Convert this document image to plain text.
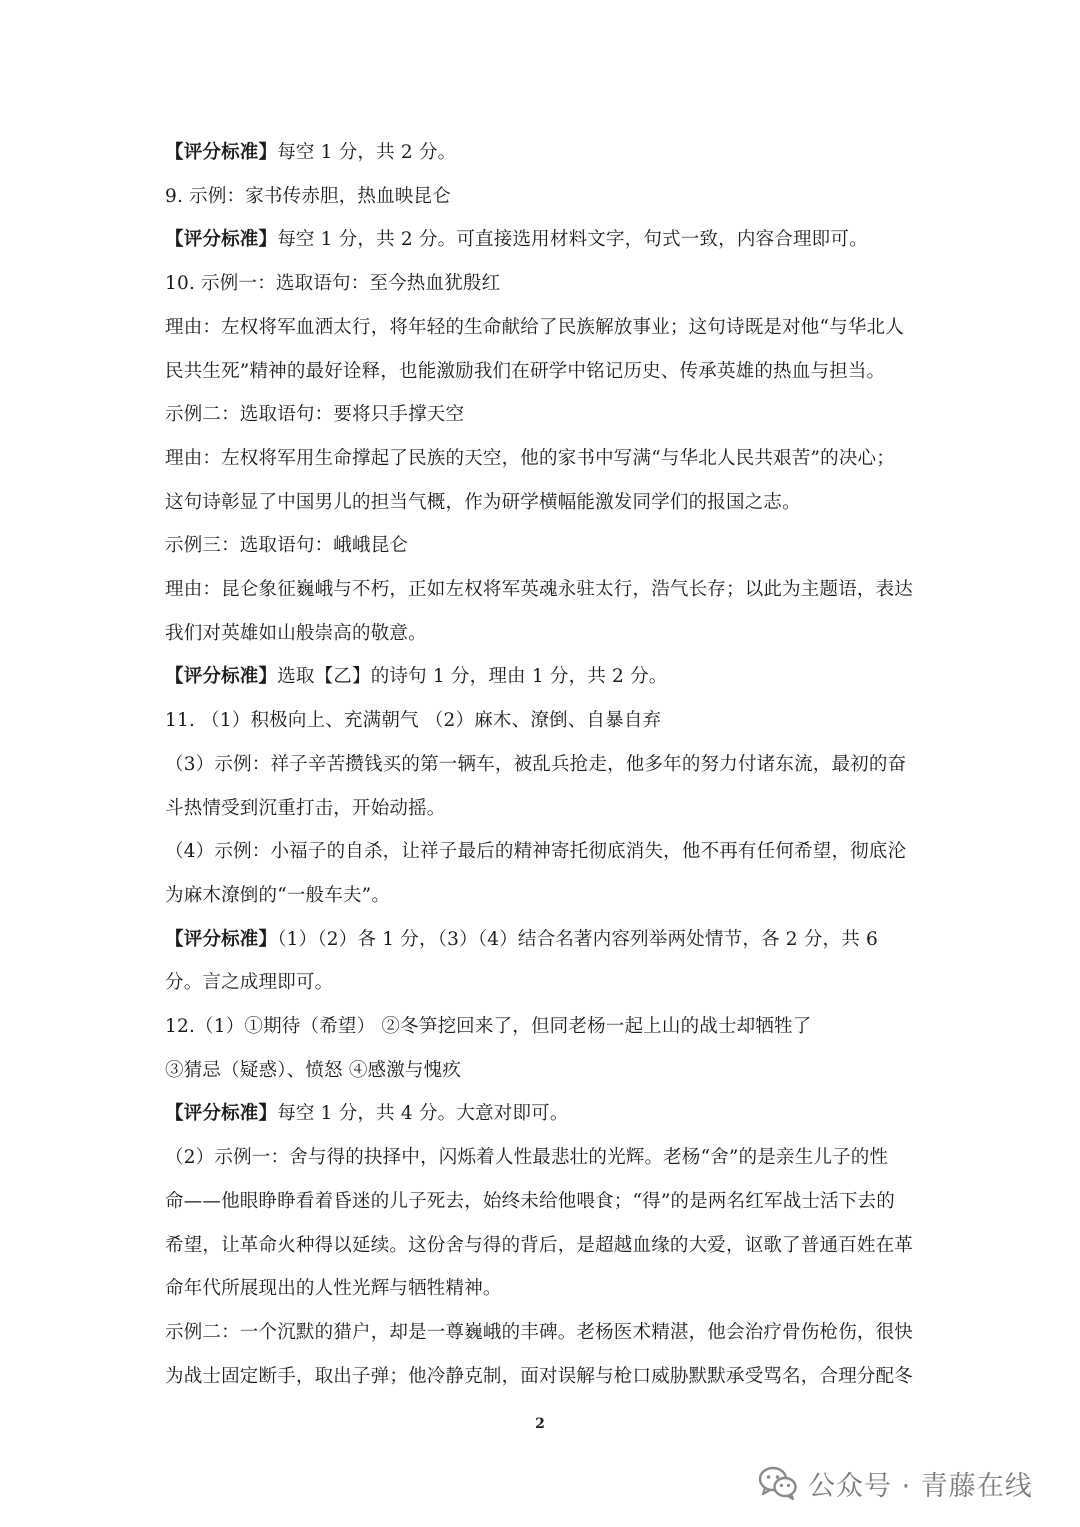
【评分标准】每空 1 分，共 2 分。
9. 示例：家书传赤胆，热血映昆仑
【评分标准】每空 1 分，共 2 分。可直接选用材料文字，句式一致，内容合理即可。
10. 示例一：选取语句：至今热血犹殷红
理由：左权将军血洒太行，将年轻的生命献给了民族解放事业；这句诗既是对他“与华北人
民共生死”精神的最好诠释，也能激励我们在研学中铭记历史、传承英雄的热血与担当。
示例二：选取语句：要将只手撑天空
理由：左权将军用生命撑起了民族的天空，他的家书中写满“与华北人民共艰苦”的决心；
这句诗彰显了中国男儿的担当气概，作为研学横幅能激发同学们的报国之志。
示例三：选取语句：峨峨昆仑
理由：昆仑象征巍峨与不朽，正如左权将军英魂永驻太行，浩气长存；以此为主题语，表达
我们对英雄如山般崇高的敬意。
【评分标准】选取【乙】的诗句 1 分，理由 1 分，共 2 分。
11. （1）积极向上、充满朝气 （2）麻木、潦倒、自暴自弃
（3）示例：祥子辛苦攒钱买的第一辆车，被乱兵抢走，他多年的努力付诸东流，最初的奋
斗热情受到沉重打击，开始动摇。
（4）示例：小福子的自杀，让祥子最后的精神寄托彻底消失，他不再有任何希望，彻底沦
为麻木潦倒的“一般车夫”。
【评分标准】（1）（2）各 1 分，（3）（4）结合名著内容列举两处情节，各 2 分，共 6
分。言之成理即可。
12.（1）①期待（希望） ②冬笋挖回来了，但同老杨一起上山的战士却牺牲了
③猜忌（疑惑）、愤怒 ④感激与愧疚
【评分标准】每空 1 分，共 4 分。大意对即可。
（2）示例一：舍与得的抉择中，闪烁着人性最悲壮的光辉。老杨“舍”的是亲生儿子的性
命——他眼睁睁看着昏迷的儿子死去，始终未给他喂食；“得”的是两名红军战士活下去的
希望，让革命火种得以延续。这份舍与得的背后，是超越血缘的大爱，讴歌了普通百姓在革
命年代所展现出的人性光辉与牺牲精神。
示例二：一个沉默的猎户，却是一尊巍峨的丰碑。老杨医术精湛，他会治疗骨伤枪伤，很快
为战士固定断手，取出子弹；他冷静克制，面对误解与枪口威胁默默承受骂名，合理分配冬
2
公众号 · 青藤在线
